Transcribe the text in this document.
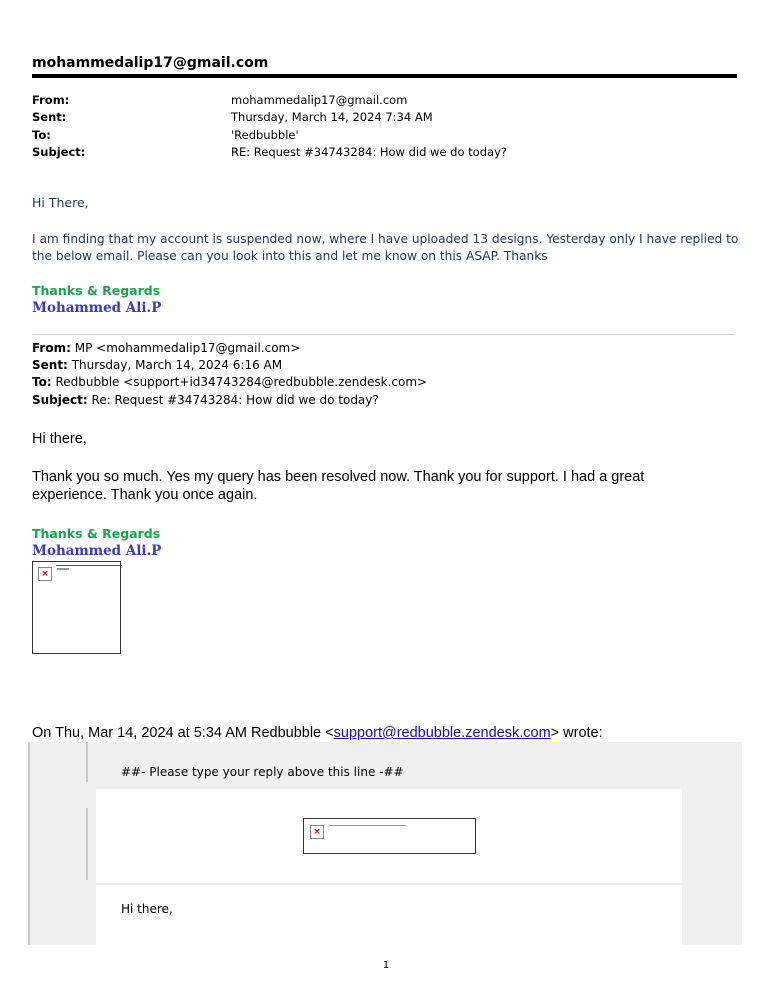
mohammedalip17@gmail.com
From:	mohammedalip17@gmail.com
Sent:	Thursday, March 14, 2024 7:34 AM
To:	'Redbubble'
Subject:	RE: Request #34743284: How did we do today?
Hi There,
I am finding that my account is suspended now, where I have uploaded 13 designs. Yesterday only I have replied to
the below email. Please can you look into this and let me know on this ASAP. Thanks
Thanks & Regards
Mohammed Ali.P
From: MP <mohammedalip17@gmail.com>
Sent: Thursday, March 14, 2024 6:16 AM
To: Redbubble <support+id34743284@redbubble.zendesk.com>
Subject: Re: Request #34743284: How did we do today?
Hi there,
Thank you so much. Yes my query has been resolved now. Thank you for support. I had a great
experience. Thank you once again.
Thanks & Regards
Mohammed Ali.P
×
On Thu, Mar 14, 2024 at 5:34 AM Redbubble <support@redbubble.zendesk.com> wrote:
##- Please type your reply above this line -##
×
Hi there,
1
